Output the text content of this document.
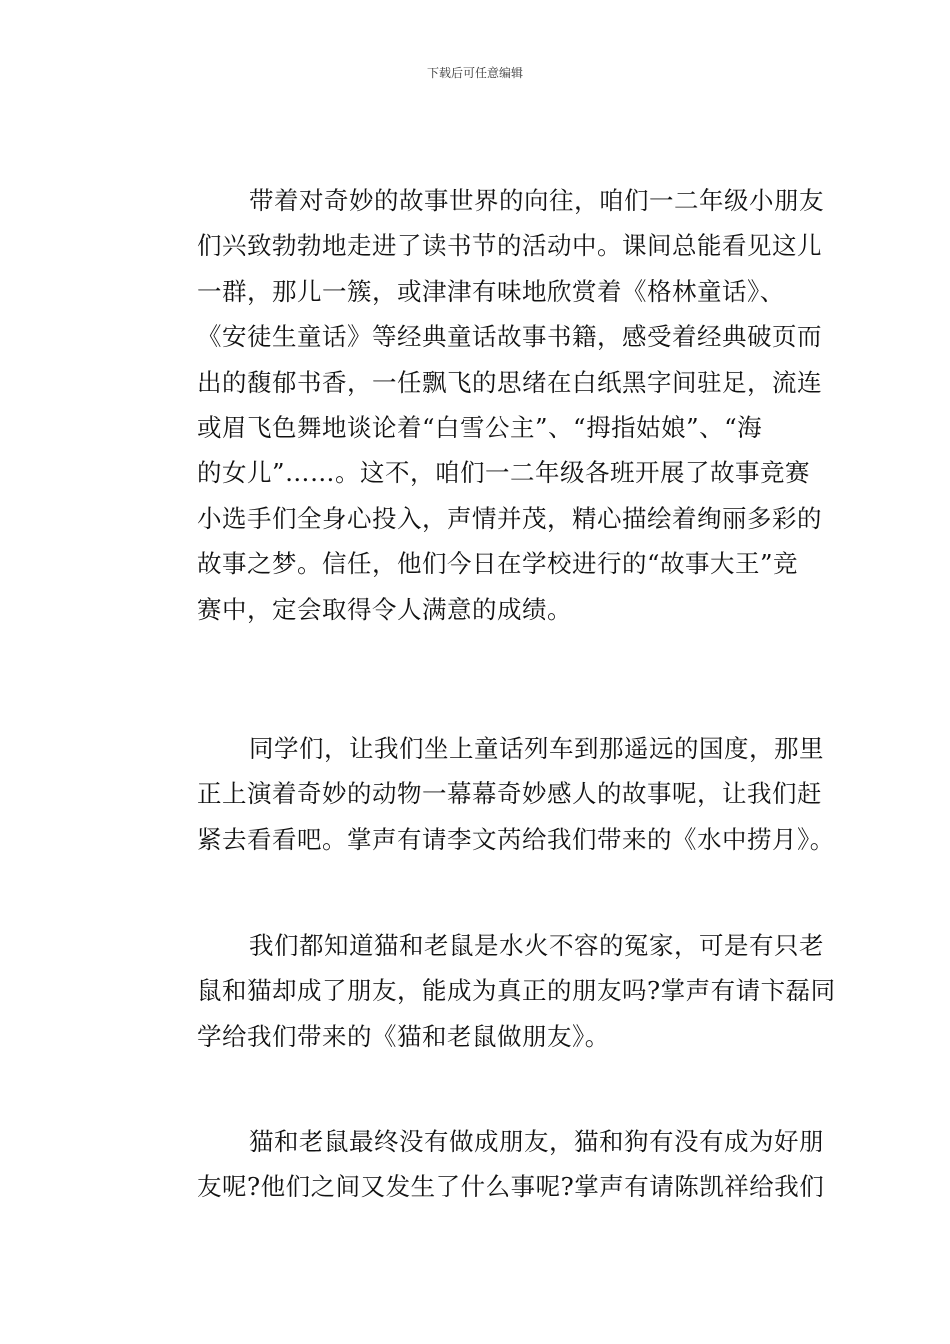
下载后可任意编辑
带着对奇妙的故事世界的向往，咱们一二年级小朋友
们兴致勃勃地走进了读书节的活动中。课间总能看见这儿
一群，那儿一簇，或津津有味地欣赏着《格林童话》、
《安徒生童话》等经典童话故事书籍，感受着经典破页而
出的馥郁书香，一任飘飞的思绪在白纸黑字间驻足，流连
或眉飞色舞地谈论着“白雪公主”、“拇指姑娘”、“海
的女儿”……。这不，咱们一二年级各班开展了故事竞赛
小选手们全身心投入，声情并茂，精心描绘着绚丽多彩的
故事之梦。信任，他们今日在学校进行的“故事大王”竞
赛中，定会取得令人满意的成绩。
同学们，让我们坐上童话列车到那遥远的国度，那里
正上演着奇妙的动物一幕幕奇妙感人的故事呢，让我们赶
紧去看看吧。掌声有请李文芮给我们带来的《水中捞月》。
我们都知道猫和老鼠是水火不容的冤家，可是有只老
鼠和猫却成了朋友，能成为真正的朋友吗?掌声有请卞磊同
学给我们带来的《猫和老鼠做朋友》。
猫和老鼠最终没有做成朋友，猫和狗有没有成为好朋
友呢?他们之间又发生了什么事呢?掌声有请陈凯祥给我们
